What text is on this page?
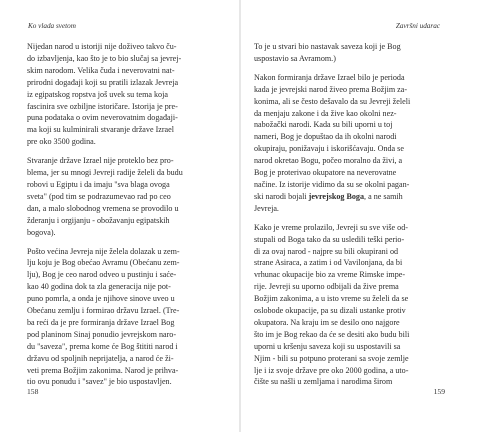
Ko vlada svetom

Nijedan narod u istoriji nije doživeo takvo ču-
do izbavljenja, kao što je to bio slučaj sa jevrej-
skim narodom. Velika čuda i neverovatni nat-
prirodni događaji koji su pratili izlazak Jevreja
iz egipatskog ropstva još uvek su tema koja
fascinira sve ozbiljne istoričare. Istorija je pre-
puna podataka o ovim neverovatnim događaji-
ma koji su kulminirali stvaranje države Izrael
pre oko 3500 godina.

Stvaranje države Izrael nije proteklo bez pro-
blema, jer su mnogi Jevreji radije želeli da budu
robovi u Egiptu i da imaju "sva blaga ovoga
sveta" (pod tim se podrazumevao rad po ceo
dan, a malo slobodnog vremena se provodilo u
žderanju i orgijanju - obožavanju egipatskih
bogova).

Pošto većina Jevreja nije želela dolazak u zem-
lju koju je Bog obećao Avramu (Obećanu zem-
lju), Bog je ceo narod odveo u pustinju i saće-
kao 40 godina dok ta zla generacija nije pot-
puno pomrla, a onda je njihove sinove uveo u
Obećanu zemlju i formirao državu Izrael. (Tre-
ba reći da je pre formiranja države Izrael Bog
pod planinom Sinaj ponudio jevrejskom naro-
du "saveza", prema kome će Bog štititi narod i
državu od spoljnih neprijatelja, a narod će ži-
veti prema Božjim zakonima. Narod je prihva-
tio ovu ponudu i "savez" je bio uspostavljen.

158
Završni udarac
159

To je u stvari bio nastavak saveza koji je Bog
uspostavio sa Avramom.)

Nakon formiranja države Izrael bilo je perioda
kada je jevrejski narod živeo prema Božjim za-
konima, ali se često dešavalo da su Jevreji želeli
da menjaju zakone i da žive kao okolni nez-
nabožački narodi. Kada su bili uporni u toj
nameri, Bog je dopuštao da ih okolni narodi
okupiraju, ponižavaju i iskorišćavaju. Onda se
narod okretao Bogu, počeo moralno da živi, a
Bog je proterivao okupatore na neverovatne
načine. Iz istorije vidimo da su se okolni pagan-
ski narodi bojali jevrejskog Boga, a ne samih
Jevreja.

Kako je vreme prolazilo, Jevreji su sve više od-
stupali od Boga tako da su usledili teški perio-
di za ovaj narod - najpre su bili okupirani od
strane Asiraca, a zatim i od Vavilonjana, da bi
vrhunac okupacije bio za vreme Rimske impe-
rije. Jevreji su uporno odbijali da žive prema
Božjim zakonima, a u isto vreme su želeli da se
oslobode okupacije, pa su dizali ustanke protiv
okupatora. Na kraju im se desilo ono najgore
što im je Bog rekao da će se desiti ako budu bili
uporni u kršenju saveza koji su uspostavili sa
Njim - bili su potpuno proterani sa svoje zemlje
lje i iz svoje države pre oko 2000 godina, a uto-
čište su našli u zemljama i narodima širom
